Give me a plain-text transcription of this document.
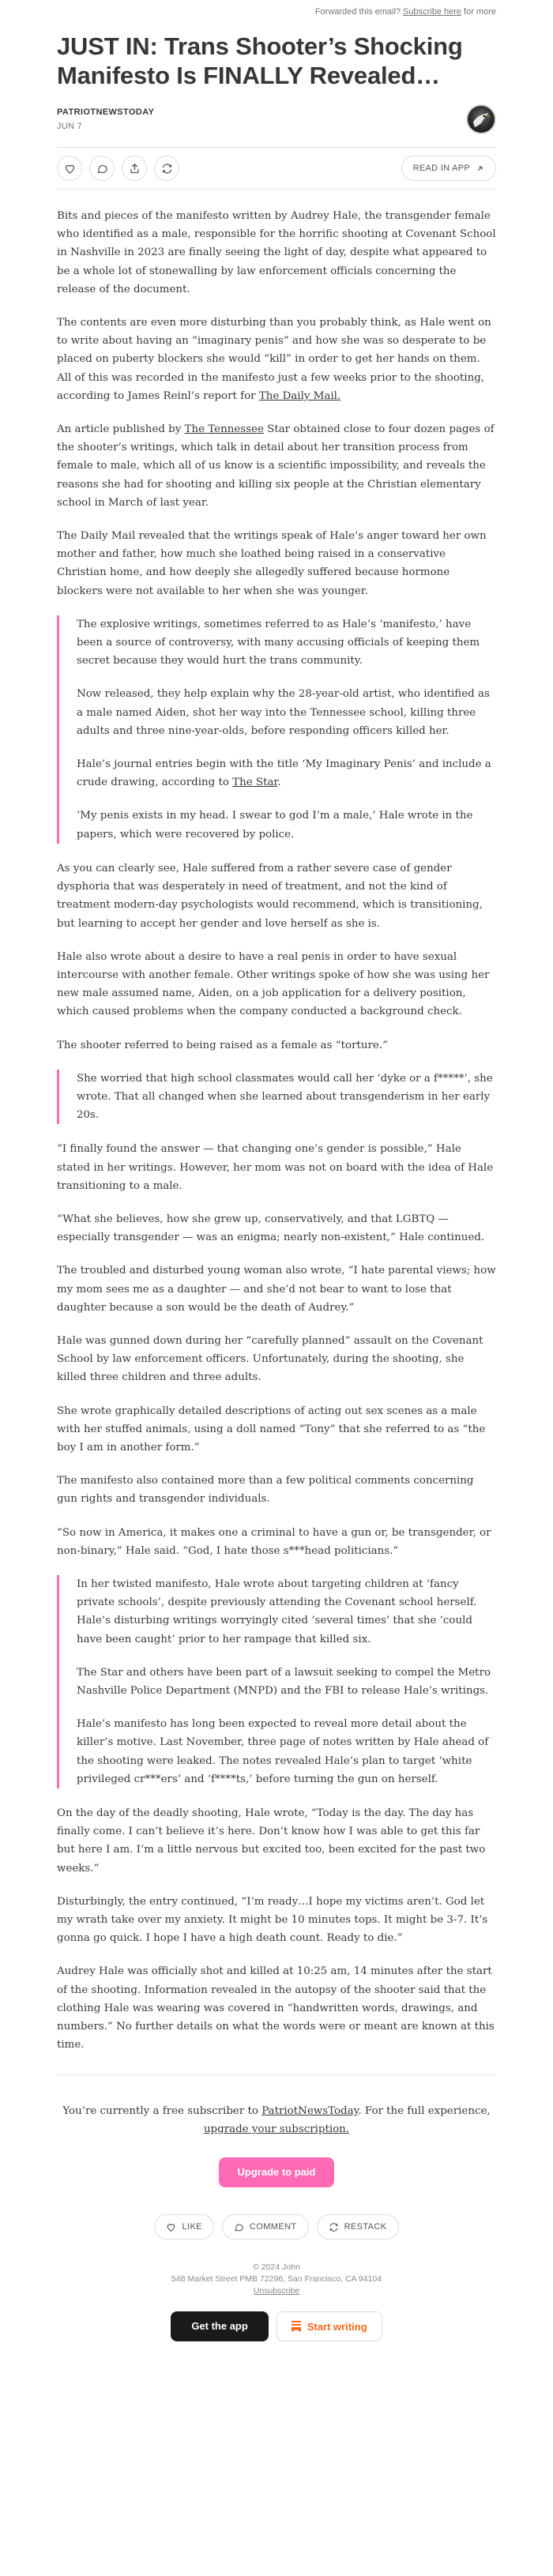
Forwarded this email? Subscribe here for more
JUST IN: Trans Shooter’s Shocking Manifesto Is FINALLY Revealed…
PATRIOTNEWSTODAY
JUN 7
READ IN APP

Bits and pieces of the manifesto written by Audrey Hale, the transgender female who identified as a male, responsible for the horrific shooting at Covenant School in Nashville in 2023 are finally seeing the light of day, despite what appeared to be a whole lot of stonewalling by law enforcement officials concerning the release of the document.

The contents are even more disturbing than you probably think, as Hale went on to write about having an “imaginary penis” and how she was so desperate to be placed on puberty blockers she would “kill” in order to get her hands on them. All of this was recorded in the manifesto just a few weeks prior to the shooting, according to James Reinl’s report for The Daily Mail.

An article published by The Tennessee Star obtained close to four dozen pages of the shooter’s writings, which talk in detail about her transition process from female to male, which all of us know is a scientific impossibility, and reveals the reasons she had for shooting and killing six people at the Christian elementary school in March of last year.

The Daily Mail revealed that the writings speak of Hale’s anger toward her own mother and father, how much she loathed being raised in a conservative Christian home, and how deeply she allegedly suffered because hormone blockers were not available to her when she was younger.

The explosive writings, sometimes referred to as Hale’s ‘manifesto,’ have been a source of controversy, with many accusing officials of keeping them secret because they would hurt the trans community.

Now released, they help explain why the 28-year-old artist, who identified as a male named Aiden, shot her way into the Tennessee school, killing three adults and three nine-year-olds, before responding officers killed her.

Hale’s journal entries begin with the title ‘My Imaginary Penis’ and include a crude drawing, according to The Star.

‘My penis exists in my head. I swear to god I’m a male,’ Hale wrote in the papers, which were recovered by police.

As you can clearly see, Hale suffered from a rather severe case of gender dysphoria that was desperately in need of treatment, and not the kind of treatment modern-day psychologists would recommend, which is transitioning, but learning to accept her gender and love herself as she is.

Hale also wrote about a desire to have a real penis in order to have sexual intercourse with another female. Other writings spoke of how she was using her new male assumed name, Aiden, on a job application for a delivery position, which caused problems when the company conducted a background check.

The shooter referred to being raised as a female as “torture.”

She worried that high school classmates would call her ‘dyke or a f*****’, she wrote. That all changed when she learned about transgenderism in her early 20s.

“I finally found the answer — that changing one’s gender is possible,” Hale stated in her writings. However, her mom was not on board with the idea of Hale transitioning to a male.

“What she believes, how she grew up, conservatively, and that LGBTQ — especially transgender — was an enigma; nearly non-existent,” Hale continued.

The troubled and disturbed young woman also wrote, “I hate parental views; how my mom sees me as a daughter — and she’d not bear to want to lose that daughter because a son would be the death of Audrey.”

Hale was gunned down during her “carefully planned” assault on the Covenant School by law enforcement officers. Unfortunately, during the shooting, she killed three children and three adults.

She wrote graphically detailed descriptions of acting out sex scenes as a male with her stuffed animals, using a doll named “Tony” that she referred to as “the boy I am in another form.”

The manifesto also contained more than a few political comments concerning gun rights and transgender individuals.

“So now in America, it makes one a criminal to have a gun or, be transgender, or non-binary,” Hale said. “God, I hate those s***head politicians.”

In her twisted manifesto, Hale wrote about targeting children at ‘fancy private schools’, despite previously attending the Covenant school herself. Hale’s disturbing writings worryingly cited ‘several times’ that she ‘could have been caught’ prior to her rampage that killed six.

The Star and others have been part of a lawsuit seeking to compel the Metro Nashville Police Department (MNPD) and the FBI to release Hale’s writings.

Hale’s manifesto has long been expected to reveal more detail about the killer’s motive. Last November, three page of notes written by Hale ahead of the shooting were leaked. The notes revealed Hale’s plan to target ‘white privileged cr***ers’ and ‘f****ts,’ before turning the gun on herself.

On the day of the deadly shooting, Hale wrote, “Today is the day. The day has finally come. I can’t believe it’s here. Don’t know how I was able to get this far but here I am. I’m a little nervous but excited too, been excited for the past two weeks.”

Disturbingly, the entry continued, “I’m ready…I hope my victims aren’t. God let my wrath take over my anxiety. It might be 10 minutes tops. It might be 3-7. It’s gonna go quick. I hope I have a high death count. Ready to die.”

Audrey Hale was officially shot and killed at 10:25 am, 14 minutes after the start of the shooting. Information revealed in the autopsy of the shooter said that the clothing Hale was wearing was covered in “handwritten words, drawings, and numbers.” No further details on what the words were or meant are known at this time.

You’re currently a free subscriber to PatriotNewsToday. For the full experience, upgrade your subscription.

Upgrade to paid
LIKE	COMMENT	RESTACK
© 2024 John
548 Market Street PMB 72296, San Francisco, CA 94104
Unsubscribe
Get the app	Start writing
